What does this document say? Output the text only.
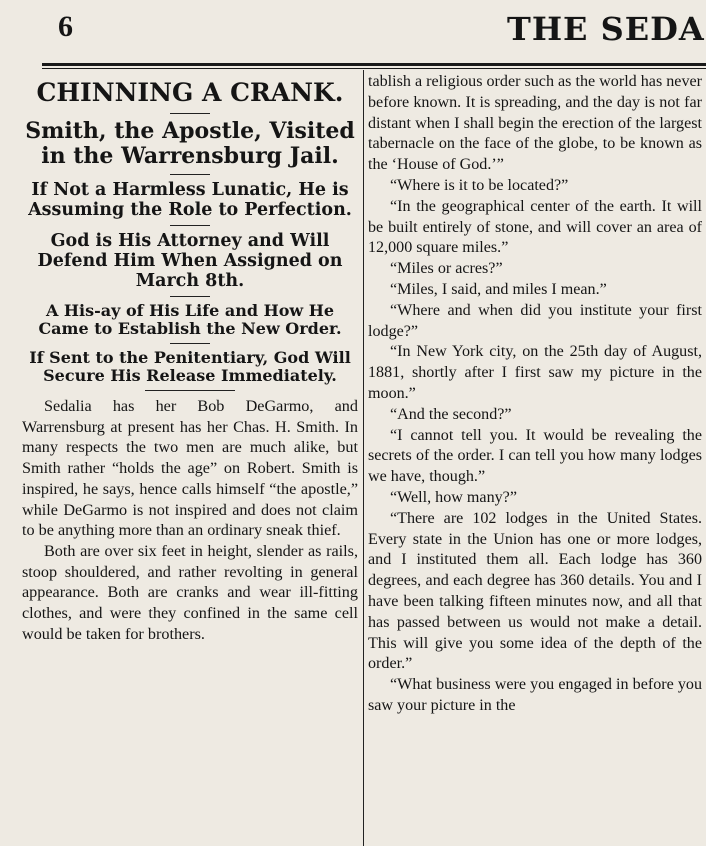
6	THE SEDA
CHINNING A CRANK.
Smith, the Apostle, Visited in the Warrensburg Jail.
If Not a Harmless Lunatic, He is Assuming the Role to Perfection.
God is His Attorney and Will Defend Him When Assigned on March 8th.
A His-ay of His Life and How He Came to Establish the New Order.
If Sent to the Penitentiary, God Will Secure His Release Immediately.

Sedalia has her Bob DeGarmo, and Warrensburg at present has her Chas. H. Smith. In many respects the two men are much alike, but Smith rather “holds the age” on Robert. Smith is inspired, he says, hence calls himself “the apostle,” while DeGarmo is not inspired and does not claim to be anything more than an ordinary sneak thief.

Both are over six feet in height, slender as rails, stoop shouldered, and rather revolting in general appearance. Both are cranks and wear ill-fitting clothes, and were they confined in the same cell would be taken for brothers.

tablish a religious order such as the world has never before known. It is spreading, and the day is not far distant when I shall begin the erection of the largest tabernacle on the face of the globe, to be known as the ‘House of God.’”

“Where is it to be located?”

“In the geographical center of the earth. It will be built entirely of stone, and will cover an area of 12,000 square miles.”

“Miles or acres?”

“Miles, I said, and miles I mean.”

“Where and when did you institute your first lodge?”

“In New York city, on the 25th day of August, 1881, shortly after I first saw my picture in the moon.”

“And the second?”

“I cannot tell you. It would be revealing the secrets of the order. I can tell you how many lodges we have, though.”

“Well, how many?”

“There are 102 lodges in the United States. Every state in the Union has one or more lodges, and I instituted them all. Each lodge has 360 degrees, and each degree has 360 details. You and I have been talking fifteen minutes now, and all that has passed between us would not make a detail. This will give you some idea of the depth of the order.”

“What business were you engaged in before you saw your picture in the
